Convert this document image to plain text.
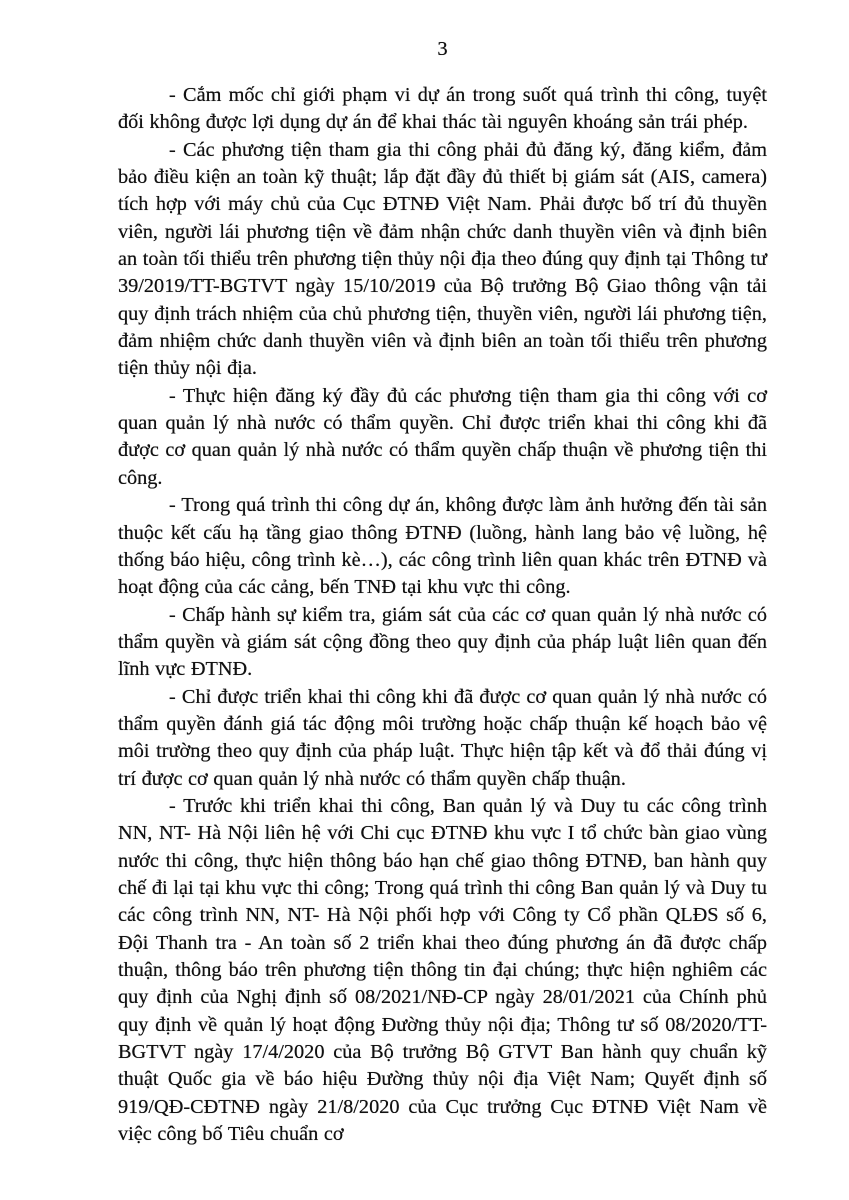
3

- Cắm mốc chỉ giới phạm vi dự án trong suốt quá trình thi công, tuyệt đối không được lợi dụng dự án để khai thác tài nguyên khoáng sản trái phép.

- Các phương tiện tham gia thi công phải đủ đăng ký, đăng kiểm, đảm bảo điều kiện an toàn kỹ thuật; lắp đặt đầy đủ thiết bị giám sát (AIS, camera) tích hợp với máy chủ của Cục ĐTNĐ Việt Nam. Phải được bố trí đủ thuyền viên, người lái phương tiện về đảm nhận chức danh thuyền viên và định biên an toàn tối thiểu trên phương tiện thủy nội địa theo đúng quy định tại Thông tư 39/2019/TT-BGTVT ngày 15/10/2019 của Bộ trưởng Bộ Giao thông vận tải quy định trách nhiệm của chủ phương tiện, thuyền viên, người lái phương tiện, đảm nhiệm chức danh thuyền viên và định biên an toàn tối thiểu trên phương tiện thủy nội địa.

- Thực hiện đăng ký đầy đủ các phương tiện tham gia thi công với cơ quan quản lý nhà nước có thẩm quyền. Chỉ được triển khai thi công khi đã được cơ quan quản lý nhà nước có thẩm quyền chấp thuận về phương tiện thi công.

- Trong quá trình thi công dự án, không được làm ảnh hưởng đến tài sản thuộc kết cấu hạ tầng giao thông ĐTNĐ (luồng, hành lang bảo vệ luồng, hệ thống báo hiệu, công trình kè…), các công trình liên quan khác trên ĐTNĐ và hoạt động của các cảng, bến TNĐ tại khu vực thi công.

- Chấp hành sự kiểm tra, giám sát của các cơ quan quản lý nhà nước có thẩm quyền và giám sát cộng đồng theo quy định của pháp luật liên quan đến lĩnh vực ĐTNĐ.

- Chỉ được triển khai thi công khi đã được cơ quan quản lý nhà nước có thẩm quyền đánh giá tác động môi trường hoặc chấp thuận kế hoạch bảo vệ môi trường theo quy định của pháp luật. Thực hiện tập kết và đổ thải đúng vị trí được cơ quan quản lý nhà nước có thẩm quyền chấp thuận.

- Trước khi triển khai thi công, Ban quản lý và Duy tu các công trình NN, NT- Hà Nội liên hệ với Chi cục ĐTNĐ khu vực I tổ chức bàn giao vùng nước thi công, thực hiện thông báo hạn chế giao thông ĐTNĐ, ban hành quy chế đi lại tại khu vực thi công; Trong quá trình thi công Ban quản lý và Duy tu các công trình NN, NT- Hà Nội phối hợp với Công ty Cổ phần QLĐS số 6, Đội Thanh tra - An toàn số 2 triển khai theo đúng phương án đã được chấp thuận, thông báo trên phương tiện thông tin đại chúng; thực hiện nghiêm các quy định của Nghị định số 08/2021/NĐ-CP ngày 28/01/2021 của Chính phủ quy định về quản lý hoạt động Đường thủy nội địa; Thông tư số 08/2020/TT-BGTVT ngày 17/4/2020 của Bộ trưởng Bộ GTVT Ban hành quy chuẩn kỹ thuật Quốc gia về báo hiệu Đường thủy nội địa Việt Nam; Quyết định số 919/QĐ-CĐTNĐ ngày 21/8/2020 của Cục trưởng Cục ĐTNĐ Việt Nam về việc công bố Tiêu chuẩn cơ
